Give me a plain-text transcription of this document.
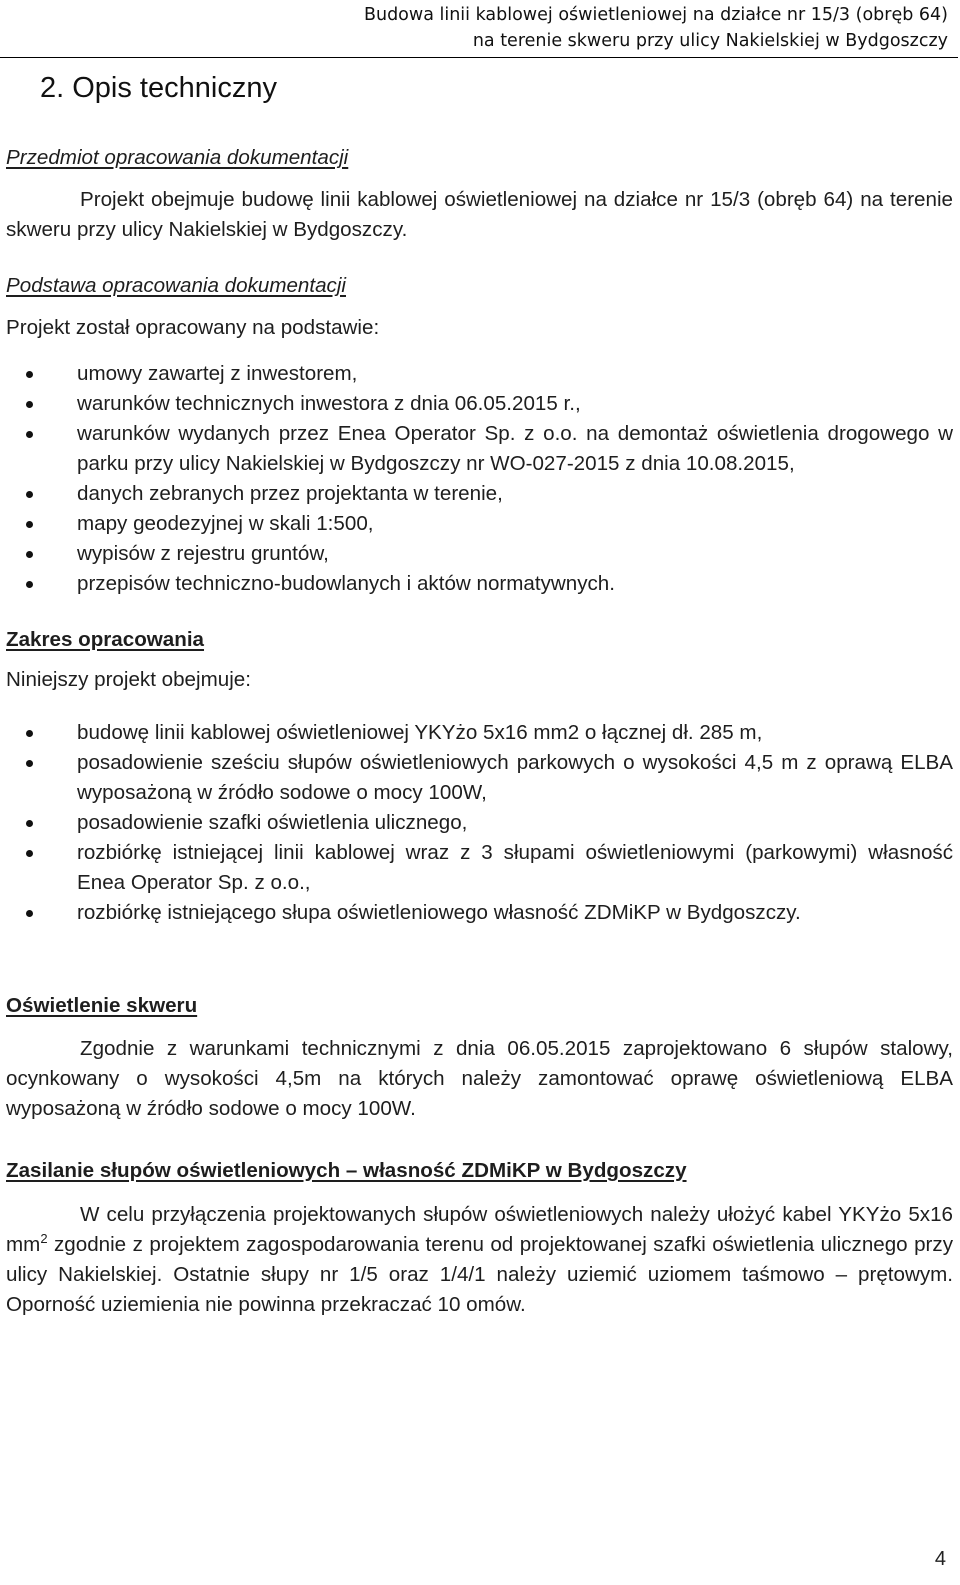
Budowa linii kablowej oświetleniowej na działce nr 15/3 (obręb 64)
na terenie skweru przy ulicy Nakielskiej w Bydgoszczy
2. Opis techniczny

Przedmiot opracowania dokumentacji

Projekt obejmuje budowę linii kablowej oświetleniowej na działce nr 15/3 (obręb 64) na terenie skweru przy ulicy Nakielskiej w Bydgoszczy.

Podstawa opracowania dokumentacji

Projekt został opracowany na podstawie:

umowy zawartej z inwestorem,
warunków technicznych inwestora z dnia 06.05.2015 r.,
warunków wydanych przez Enea Operator Sp. z o.o. na demontaż oświetlenia drogowego w parku przy ulicy Nakielskiej w Bydgoszczy nr WO-027-2015 z dnia 10.08.2015,
danych zebranych przez projektanta w terenie,
mapy geodezyjnej w skali 1:500,
wypisów z rejestru gruntów,
przepisów techniczno-budowlanych i aktów normatywnych.

Zakres opracowania

Niniejszy projekt obejmuje:

budowę linii kablowej oświetleniowej YKYżo 5x16 mm2 o łącznej dł. 285 m,
posadowienie sześciu słupów oświetleniowych parkowych o wysokości 4,5 m z oprawą ELBA wyposażoną w źródło sodowe o mocy 100W,
posadowienie szafki oświetlenia ulicznego,
rozbiórkę istniejącej linii kablowej wraz z 3 słupami oświetleniowymi (parkowymi) własność Enea Operator Sp. z o.o.,
rozbiórkę istniejącego słupa oświetleniowego własność ZDMiKP w Bydgoszczy.

Oświetlenie skweru

Zgodnie z warunkami technicznymi z dnia 06.05.2015 zaprojektowano 6 słupów stalowy, ocynkowany o wysokości 4,5m na których należy zamontować oprawę oświetleniową ELBA wyposażoną w źródło sodowe o mocy 100W.

Zasilanie słupów oświetleniowych – własność ZDMiKP w Bydgoszczy

W celu przyłączenia projektowanych słupów oświetleniowych należy ułożyć kabel YKYżo 5x16 $mm^2$ zgodnie z projektem zagospodarowania terenu od projektowanej szafki oświetlenia ulicznego przy ulicy Nakielskiej. Ostatnie słupy nr 1/5 oraz 1/4/1 należy uziemić uziomem taśmowo – prętowym. Oporność uziemienia nie powinna przekraczać 10 omów.

4
